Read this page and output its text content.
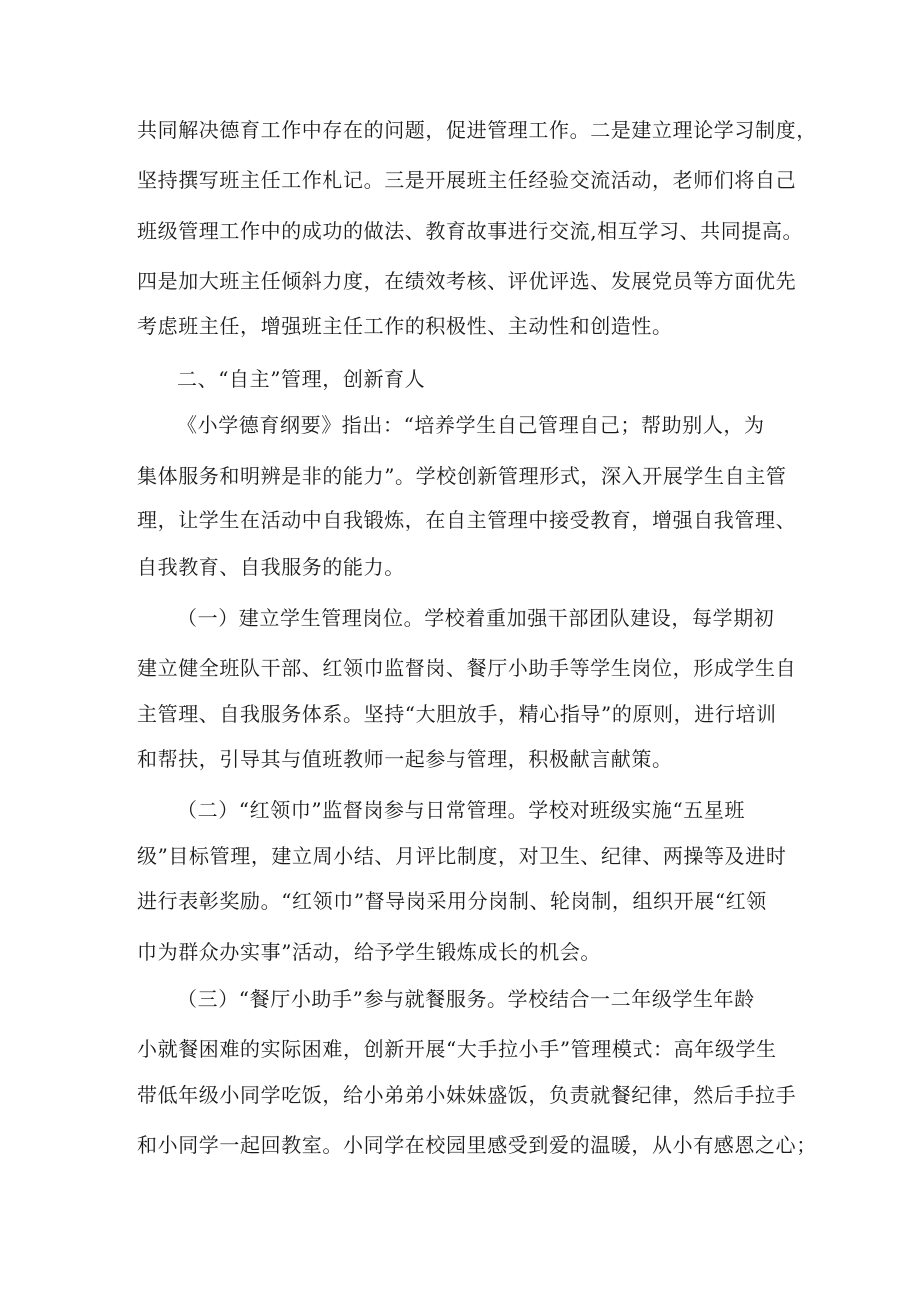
共同解决德育工作中存在的问题，促进管理工作。二是建立理论学习制度，
坚持撰写班主任工作札记。三是开展班主任经验交流活动，老师们将自己
班级管理工作中的成功的做法、教育故事进行交流,相互学习、共同提高。
四是加大班主任倾斜力度，在绩效考核、评优评选、发展党员等方面优先
考虑班主任，增强班主任工作的积极性、主动性和创造性。
二、“自主”管理，创新育人
《小学德育纲要》指出：“培养学生自己管理自己；帮助别人，为
集体服务和明辨是非的能力”。学校创新管理形式，深入开展学生自主管
理，让学生在活动中自我锻炼，在自主管理中接受教育，增强自我管理、
自我教育、自我服务的能力。
（一）建立学生管理岗位。学校着重加强干部团队建设，每学期初
建立健全班队干部、红领巾监督岗、餐厅小助手等学生岗位，形成学生自
主管理、自我服务体系。坚持“大胆放手，精心指导”的原则，进行培训
和帮扶，引导其与值班教师一起参与管理，积极献言献策。
（二）“红领巾”监督岗参与日常管理。学校对班级实施“五星班
级”目标管理，建立周小结、月评比制度，对卫生、纪律、两操等及进时
进行表彰奖励。“红领巾”督导岗采用分岗制、轮岗制，组织开展“红领
巾为群众办实事”活动，给予学生锻炼成长的机会。
（三）“餐厅小助手”参与就餐服务。学校结合一二年级学生年龄
小就餐困难的实际困难，创新开展“大手拉小手”管理模式：高年级学生
带低年级小同学吃饭，给小弟弟小妹妹盛饭，负责就餐纪律，然后手拉手
和小同学一起回教室。小同学在校园里感受到爱的温暖，从小有感恩之心；
